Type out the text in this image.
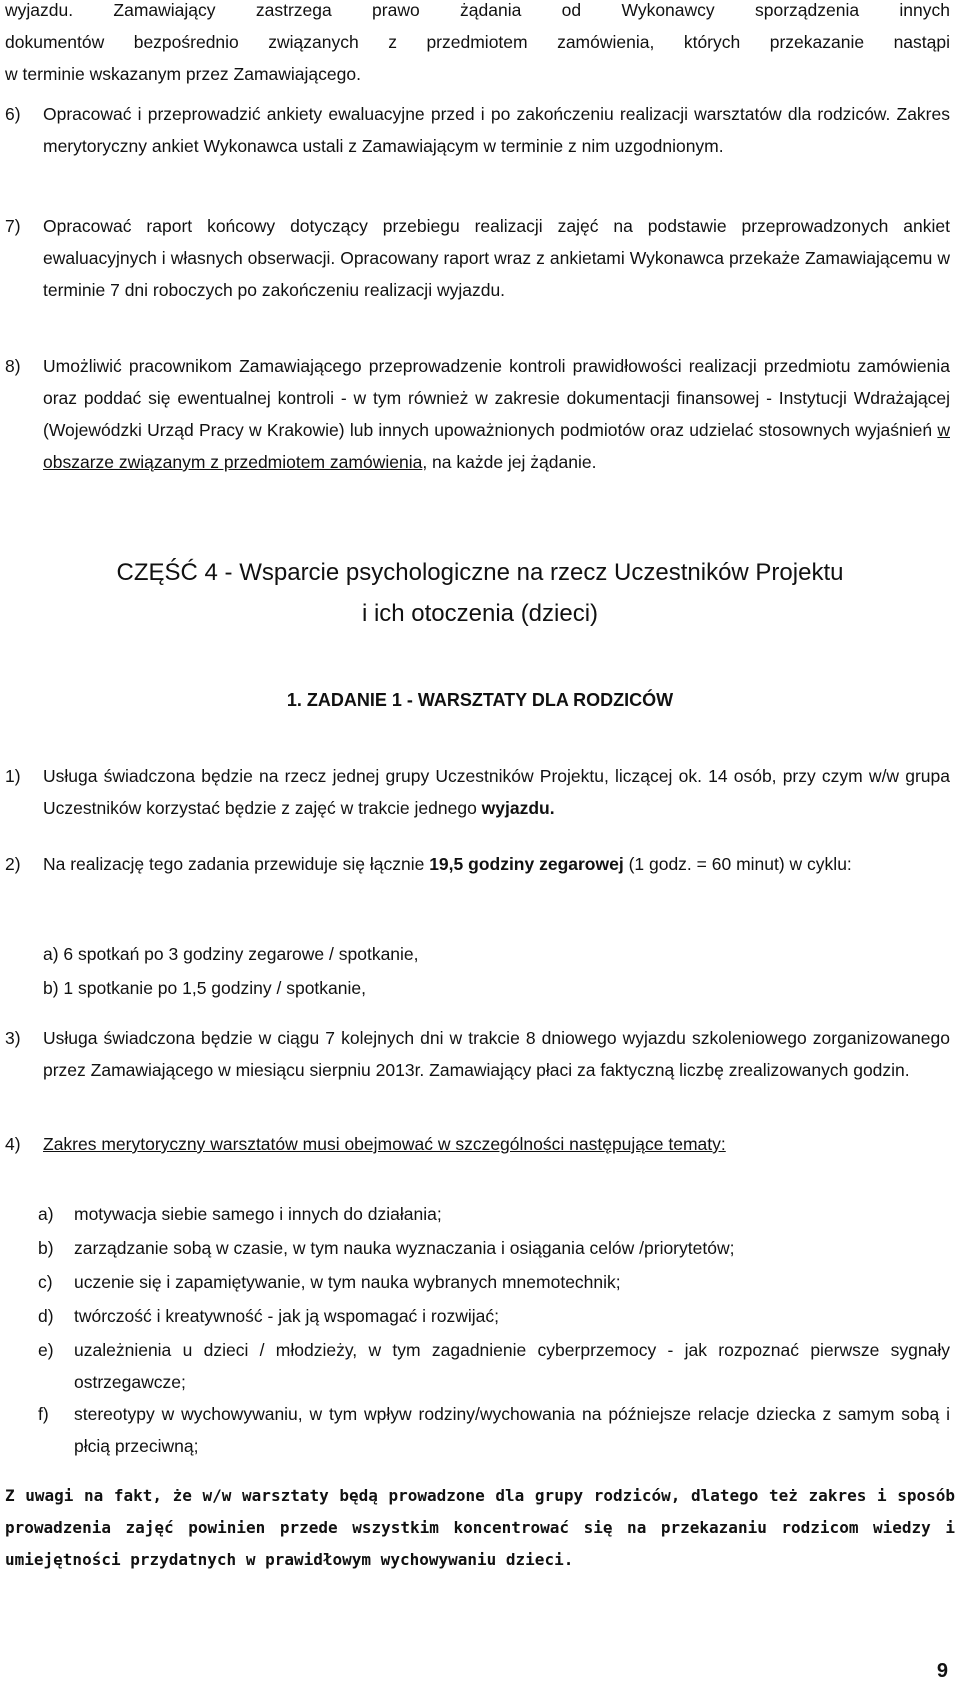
wyjazdu. Zamawiający zastrzega prawo żądania od Wykonawcy sporządzenia innych
dokumentów bezpośrednio związanych z przedmiotem zamówienia, których przekazanie nastąpi
w terminie wskazanym przez Zamawiającego.
6) Opracować i przeprowadzić ankiety ewaluacyjne przed i po zakończeniu realizacji warsztatów dla rodziców. Zakres merytoryczny ankiet Wykonawca ustali z Zamawiającym w terminie z nim uzgodnionym.
7) Opracować raport końcowy dotyczący przebiegu realizacji zajęć na podstawie przeprowadzonych ankiet ewaluacyjnych i własnych obserwacji. Opracowany raport wraz z ankietami Wykonawca przekaże Zamawiającemu w terminie 7 dni roboczych po zakończeniu realizacji wyjazdu.
8) Umożliwić pracownikom Zamawiającego przeprowadzenie kontroli prawidłowości realizacji przedmiotu zamówienia oraz poddać się ewentualnej kontroli - w tym również w zakresie dokumentacji finansowej - Instytucji Wdrażającej (Wojewódzki Urząd Pracy w Krakowie) lub innych upoważnionych podmiotów oraz udzielać stosownych wyjaśnień w obszarze związanym z przedmiotem zamówienia, na każde jej żądanie.
CZĘŚĆ 4 - Wsparcie psychologiczne na rzecz Uczestników Projektu
i ich otoczenia (dzieci)
1. ZADANIE 1 - WARSZTATY DLA RODZICÓW
1) Usługa świadczona będzie na rzecz jednej grupy Uczestników Projektu, liczącej ok. 14 osób, przy czym w/w grupa Uczestników korzystać będzie z zajęć w trakcie jednego wyjazdu.
2) Na realizację tego zadania przewiduje się łącznie 19,5 godziny zegarowej (1 godz. = 60 minut) w cyklu:
a) 6 spotkań po 3 godziny zegarowe / spotkanie,
b) 1 spotkanie po 1,5 godziny / spotkanie,
3) Usługa świadczona będzie w ciągu 7 kolejnych dni w trakcie 8 dniowego wyjazdu szkoleniowego zorganizowanego przez Zamawiającego w miesiącu sierpniu 2013r. Zamawiający płaci za faktyczną liczbę zrealizowanych godzin.
4) Zakres merytoryczny warsztatów musi obejmować w szczególności następujące tematy:
a) motywacja siebie samego i innych do działania;
b) zarządzanie sobą w czasie, w tym nauka wyznaczania i osiągania celów /priorytetów;
c) uczenie się i zapamiętywanie, w tym nauka wybranych mnemotechnik;
d) twórczość i kreatywność - jak ją wspomagać i rozwijać;
e) uzależnienia u dzieci / młodzieży, w tym zagadnienie cyberprzemocy - jak rozpoznać pierwsze sygnały ostrzegawcze;
f) stereotypy w wychowywaniu, w tym wpływ rodziny/wychowania na późniejsze relacje dziecka z samym sobą i płcią przeciwną;
Z uwagi na fakt, że w/w warsztaty będą prowadzone dla grupy rodziców, dlatego też zakres i sposób prowadzenia zajęć powinien przede wszystkim koncentrować się na przekazaniu rodzicom wiedzy i umiejętności przydatnych w prawidłowym wychowywaniu dzieci.
9
